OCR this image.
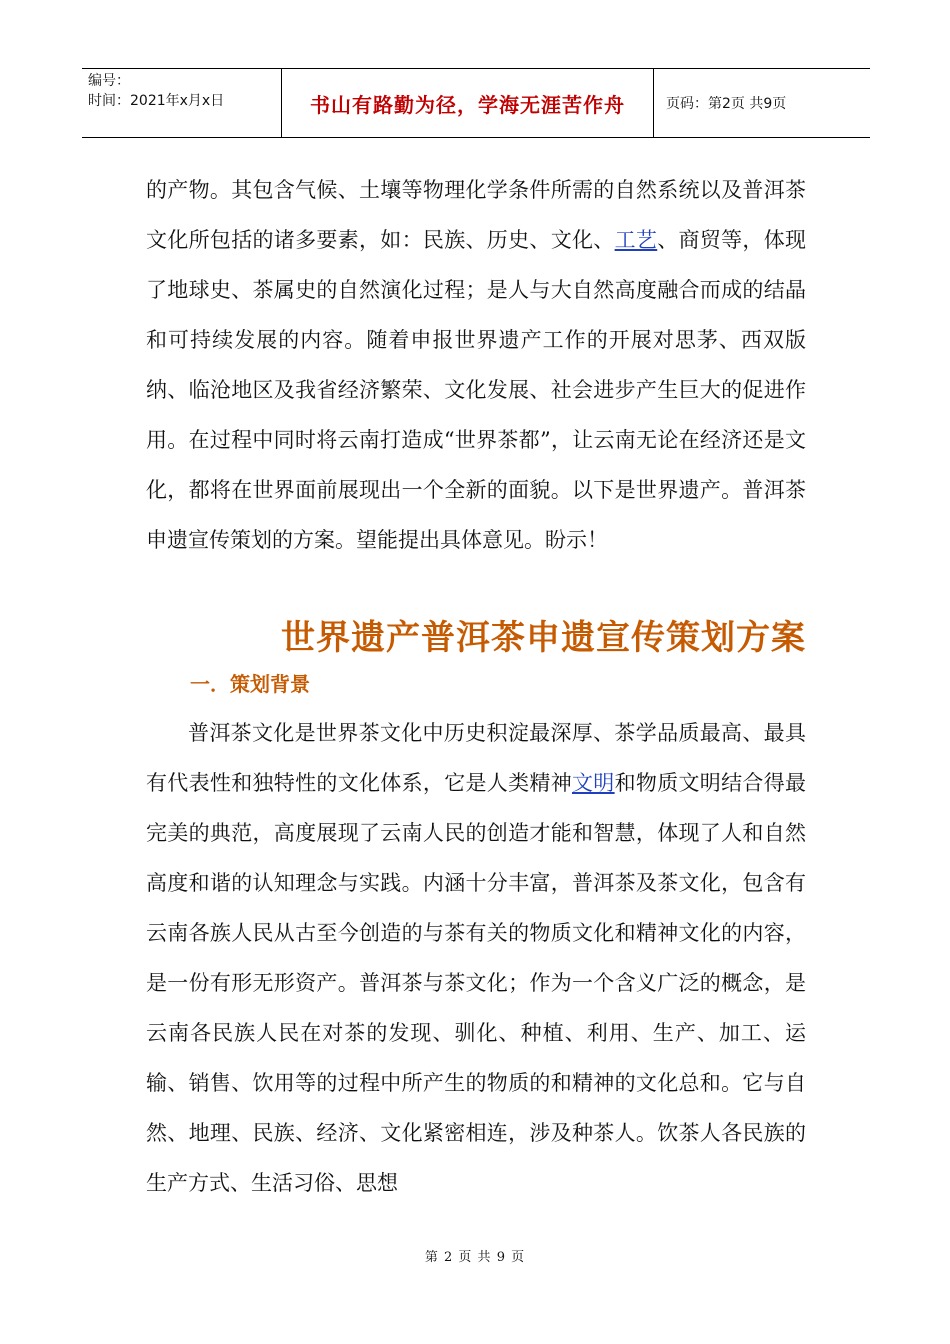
编号：
时间：2021年x月x日	书山有路勤为径，学海无涯苦作舟	页码：第2页 共9页

的产物。其包含气候、土壤等物理化学条件所需的自然系统以及普洱茶文化所包括的诸多要素，如：民族、历史、文化、工艺、商贸等，体现了地球史、茶属史的自然演化过程；是人与大自然高度融合而成的结晶和可持续发展的内容。随着申报世界遗产工作的开展对思茅、西双版纳、临沧地区及我省经济繁荣、文化发展、社会进步产生巨大的促进作用。在过程中同时将云南打造成“世界茶都”，让云南无论在经济还是文化，都将在世界面前展现出一个全新的面貌。以下是世界遗产。普洱茶申遗宣传策划的方案。望能提出具体意见。盼示！

世界遗产普洱茶申遗宣传策划方案
一．策划背景

普洱茶文化是世界茶文化中历史积淀最深厚、茶学品质最高、最具有代表性和独特性的文化体系，它是人类精神文明和物质文明结合得最完美的典范，高度展现了云南人民的创造才能和智慧，体现了人和自然高度和谐的认知理念与实践。内涵十分丰富，普洱茶及茶文化，包含有云南各族人民从古至今创造的与茶有关的物质文化和精神文化的内容，是一份有形无形资产。普洱茶与茶文化；作为一个含义广泛的概念，是云南各民族人民在对茶的发现、驯化、种植、利用、生产、加工、运输、销售、饮用等的过程中所产生的物质的和精神的文化总和。它与自然、地理、民族、经济、文化紧密相连，涉及种茶人。饮茶人各民族的生产方式、生活习俗、思想

第 2 页 共 9 页
